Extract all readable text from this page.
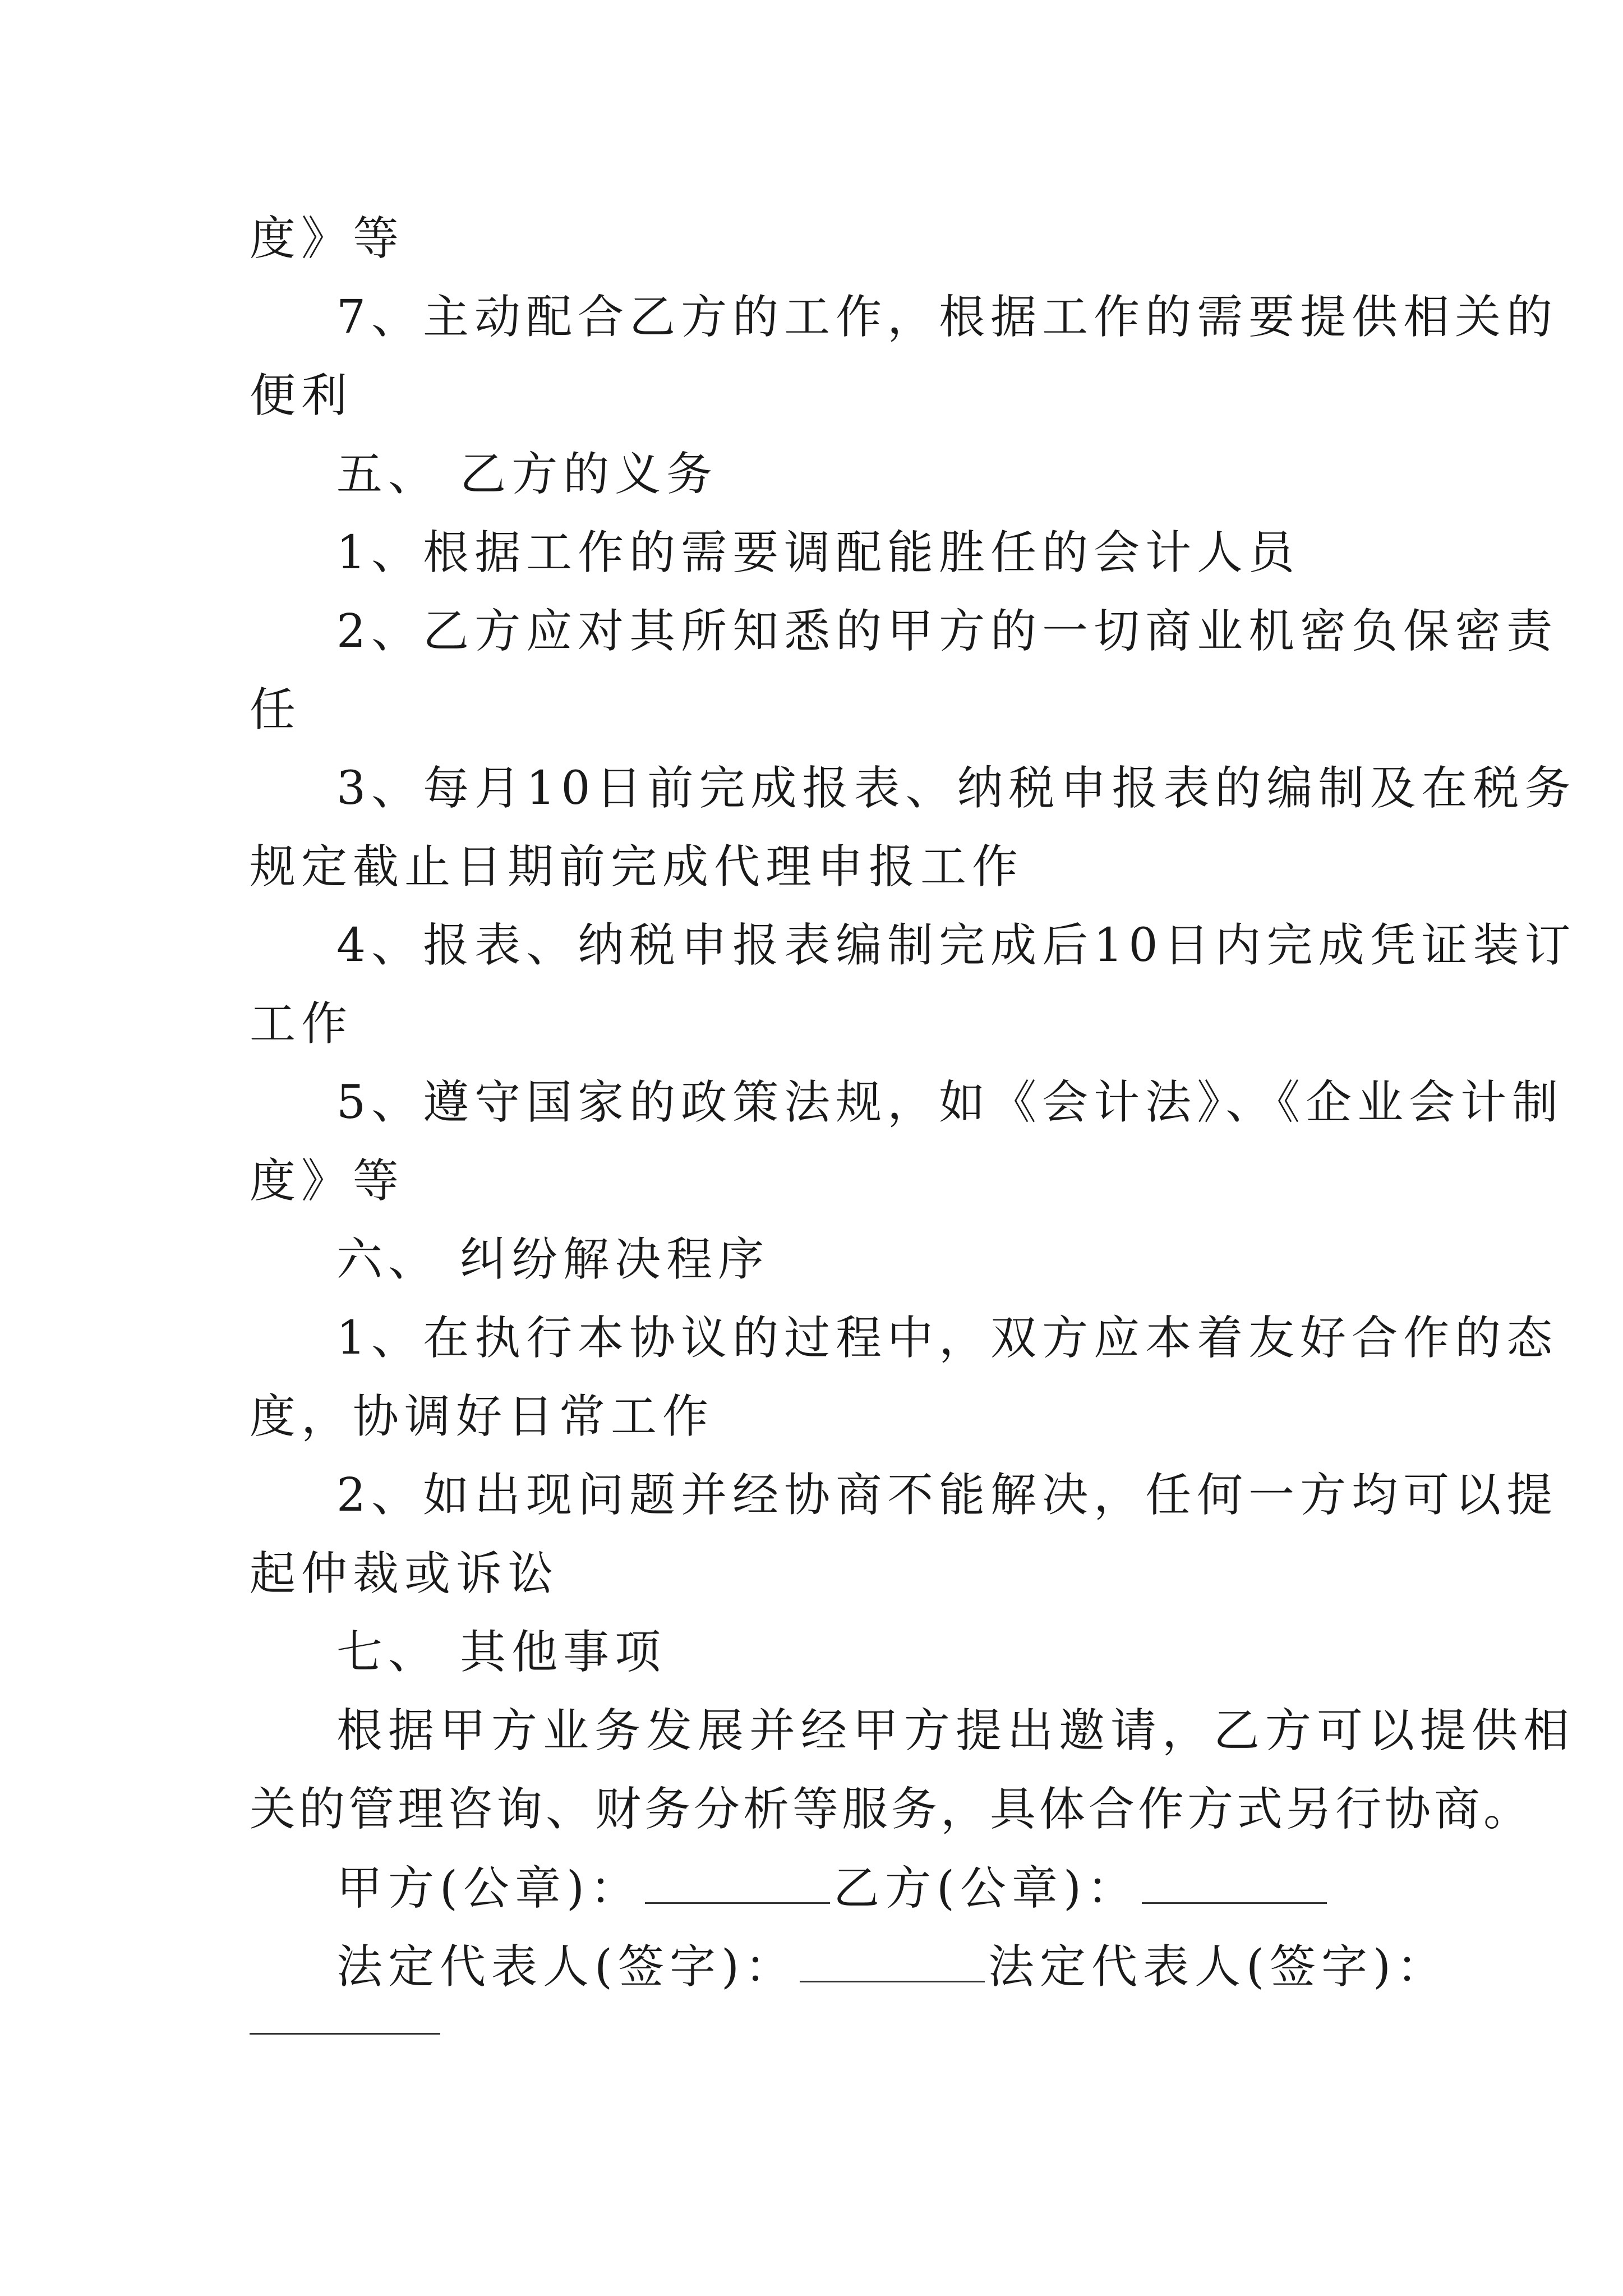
度》等
7、主动配合乙方的工作，根据工作的需要提供相关的
便利
五、 乙方的义务
1、根据工作的需要调配能胜任的会计人员
2、乙方应对其所知悉的甲方的一切商业机密负保密责
任
3、每月10日前完成报表、纳税申报表的编制及在税务
规定截止日期前完成代理申报工作
4、报表、纳税申报表编制完成后10日内完成凭证装订
工作
5、遵守国家的政策法规，如《会计法》、《企业会计制
度》等
六、 纠纷解决程序
1、在执行本协议的过程中，双方应本着友好合作的态
度，协调好日常工作
2、如出现问题并经协商不能解决，任何一方均可以提
起仲裁或诉讼
七、 其他事项
根据甲方业务发展并经甲方提出邀请，乙方可以提供相
关的管理咨询、财务分析等服务，具体合作方式另行协商。
甲方(公章)：	乙方(公章)：
法定代表人(签字)：	法定代表人(签字)：
